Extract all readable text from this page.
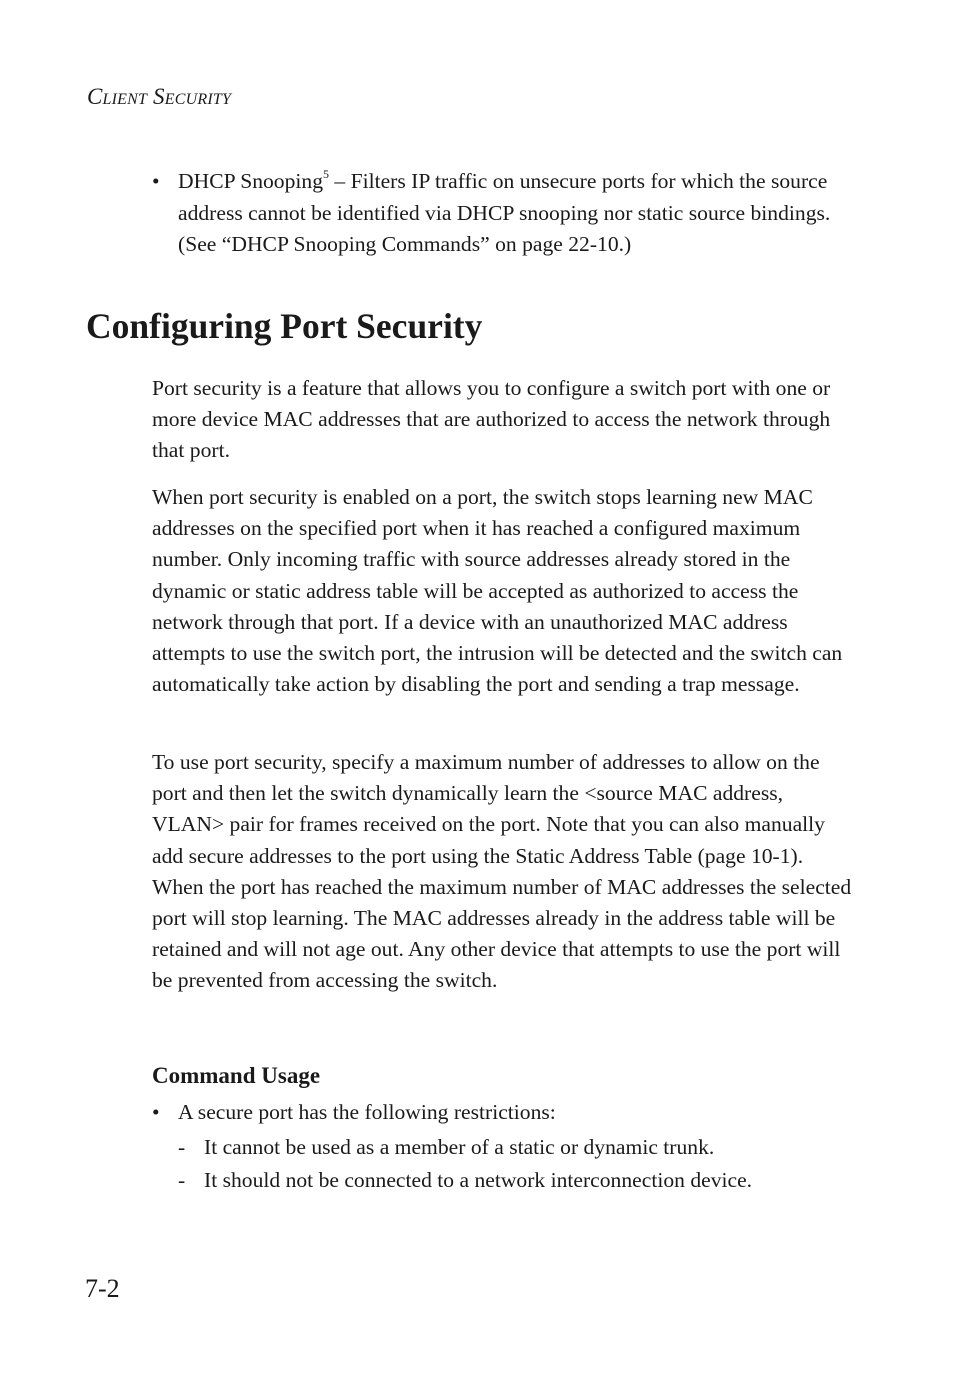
Client Security

• DHCP Snooping$^5$ – Filters IP traffic on unsecure ports for which the source address cannot be identified via DHCP snooping nor static source bindings. (See “DHCP Snooping Commands” on page 22-10.)
Configuring Port Security

Port security is a feature that allows you to configure a switch port with one or more device MAC addresses that are authorized to access the network through that port.

When port security is enabled on a port, the switch stops learning new MAC addresses on the specified port when it has reached a configured maximum number. Only incoming traffic with source addresses already stored in the dynamic or static address table will be accepted as authorized to access the network through that port. If a device with an unauthorized MAC address attempts to use the switch port, the intrusion will be detected and the switch can automatically take action by disabling the port and sending a trap message.

To use port security, specify a maximum number of addresses to allow on the port and then let the switch dynamically learn the <source MAC address, VLAN> pair for frames received on the port. Note that you can also manually add secure addresses to the port using the Static Address Table (page 10-1). When the port has reached the maximum number of MAC addresses the selected port will stop learning. The MAC addresses already in the address table will be retained and will not age out. Any other device that attempts to use the port will be prevented from accessing the switch.

Command Usage
• A secure port has the following restrictions:
- It cannot be used as a member of a static or dynamic trunk.
- It should not be connected to a network interconnection device.

7-2
